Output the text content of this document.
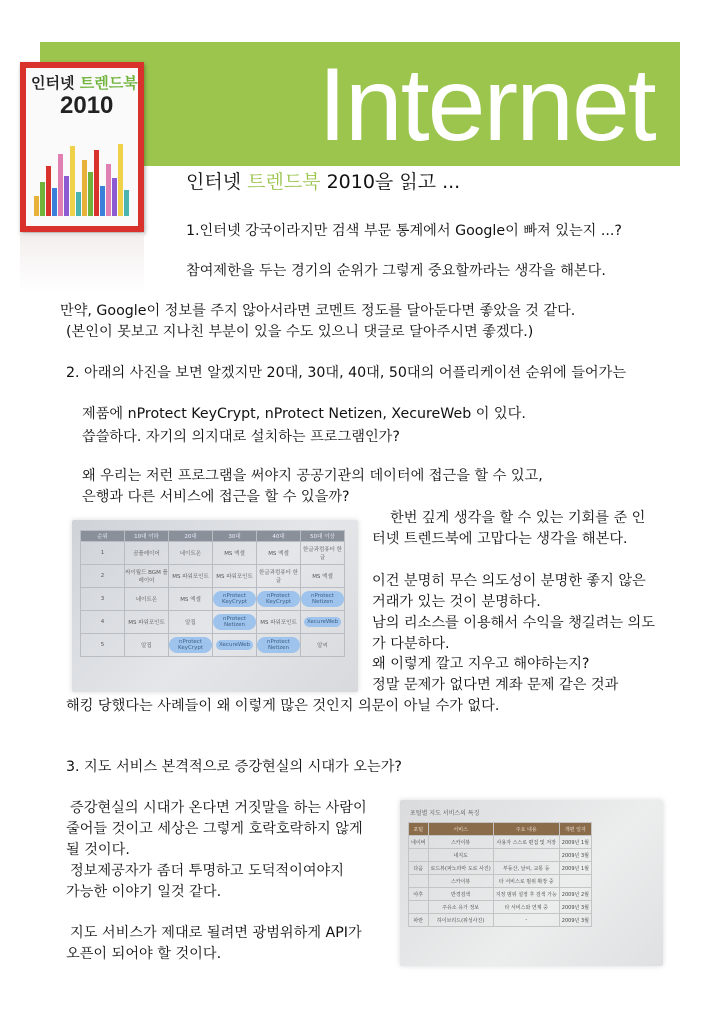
Internet
인터넷 트렌드북
2010
인터넷 트렌드북 2010을 읽고 ...
1.인터넷 강국이라지만 검색 부문 통계에서 Google이 빠져 있는지 ...?
참여제한을 두는 경기의 순위가 그렇게 중요할까라는 생각을 해본다.
만약, Google이 정보를 주지 않아서라면 코멘트 정도를 달아둔다면 좋았을 것 같다.
(본인이 못보고 지나친 부분이 있을 수도 있으니 댓글로 달아주시면 좋겠다.)
2. 아래의 사진을 보면 알겠지만 20대, 30대, 40대, 50대의 어플리케이션 순위에 들어가는
제품에 nProtect KeyCrypt, nProtect Netizen, XecureWeb 이 있다.
씁쓸하다. 자기의 의지대로 설치하는 프로그램인가?
왜 우리는 저런 프로그램을 써야지 공공기관의 데이터에 접근을 할 수 있고,
은행과 다른 서비스에 접근을 할 수 있을까?
한번 깊게 생각을 할 수 있는 기회를 준 인
터넷 트렌드북에 고맙다는 생각을 해본다.
이건 분명히 무슨 의도성이 분명한 좋지 않은
거래가 있는 것이 분명하다.
남의 리소스를 이용해서 수익을 챙길려는 의도
가 다분하다.
왜 이렇게 깔고 지우고 해야하는지?
정말 문제가 없다면 계좌 문제 같은 것과
해킹 당했다는 사례들이 왜 이렇게 많은 것인지 의문이 아닐 수가 없다.
순위	10대 이하	20대	30대	40대	50대 이상
1	곰플레이어	네이트온	MS 엑셀	MS 엑셀	한글과컴퓨터 한글
2	싸이월드 BGM 플레이어	MS 파워포인트	MS 파워포인트	한글과컴퓨터 한글	MS 엑셀
3	네이트온	MS 엑셀	nProtect KeyCrypt	nProtect KeyCrypt	nProtect Netizen
4	MS 파워포인트	알집	nProtect Netizen	MS 파워포인트	XecureWeb
5	알집	nProtect KeyCrypt	XecureWeb	nProtect Netizen	알씨
3. 지도 서비스 본격적으로 증강현실의 시대가 오는가?
증강현실의 시대가 온다면 거짓말을 하는 사람이
줄어들 것이고 세상은 그렇게 호락호락하지 않게
될 것이다.
정보제공자가 좀더 투명하고 도덕적이여야지
가능한 이야기 일것 같다.
지도 서비스가 제대로 될려면 광범위하게 API가
오픈이 되어야 할 것이다.
포털별 지도 서비스의 특징
포털	서비스	주요 내용	개편 일자
네이버	스카이뷰	사용자 스스로 편집 및 저장	2009년 1월
	내지도		2009년 3월
다음	로드뷰(파노라마 도로 사진)	부동산, 날씨, 교통 등	2009년 1월
	스카이뷰	타 서비스로 범위 확장 중	
야후	반경검색	지정 범위 설정 후 검색 가능	2009년 2월
	주유소 유가 정보	타 서비스와 연계 중	2009년 3월
파란	하이브리드(위성사진)	-	2009년 3월
